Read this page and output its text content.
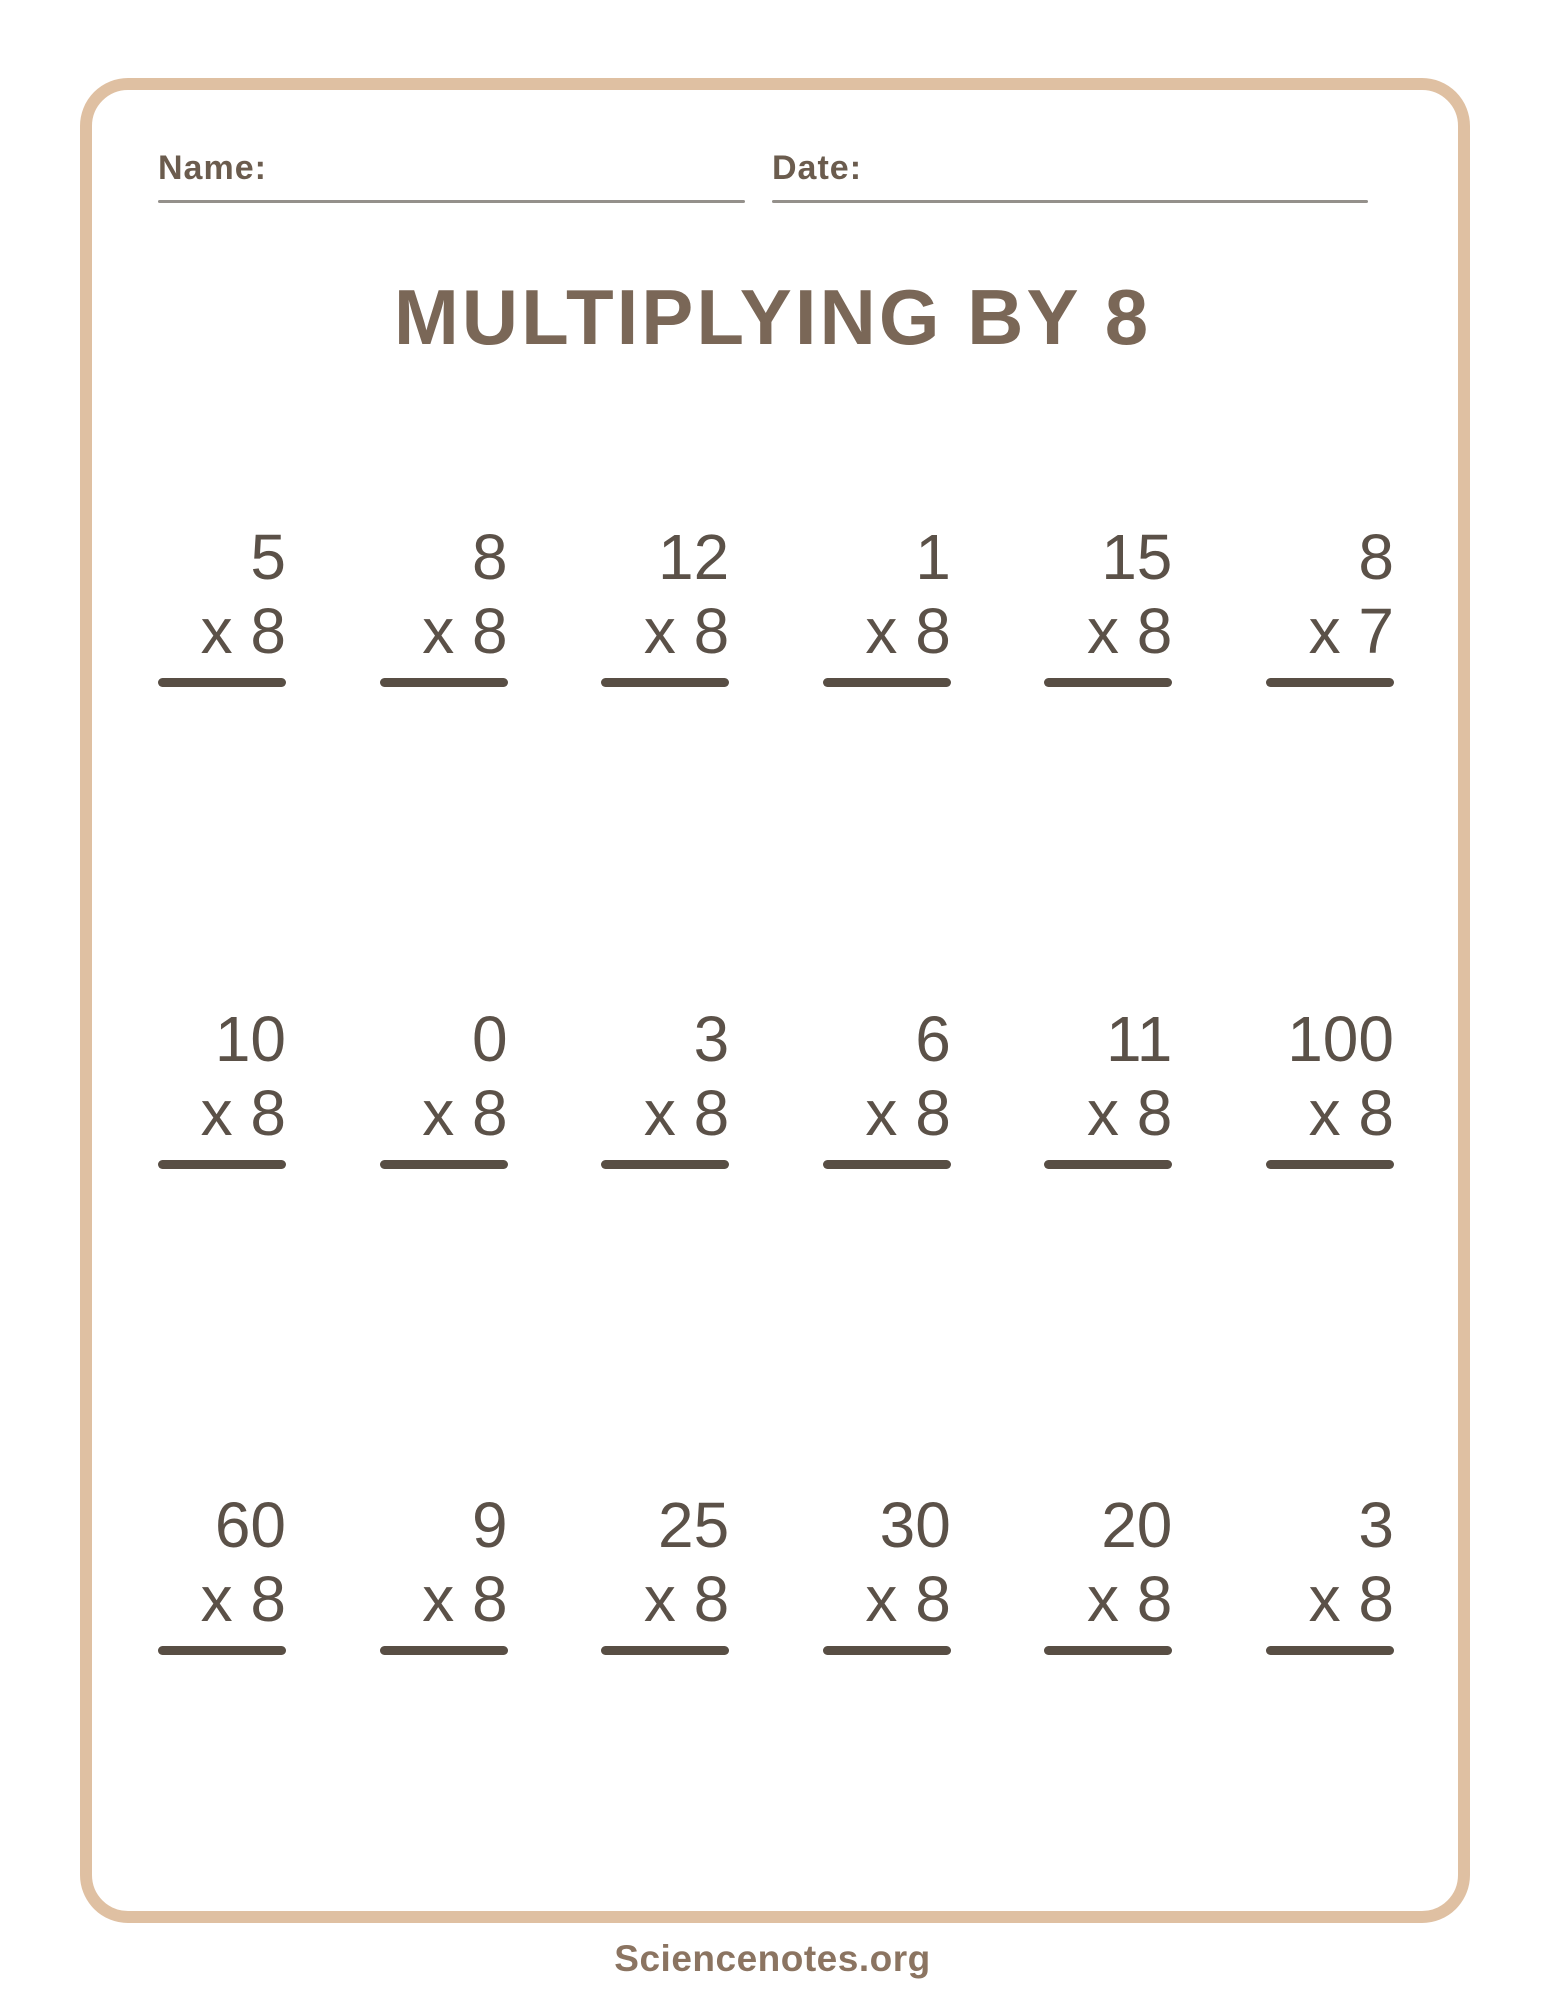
Name:	Date:
MULTIPLYING BY 8
5
x 8
8
x 8
12
x 8
1
x 8
15
x 8
8
x 7
10
x 8
0
x 8
3
x 8
6
x 8
11
x 8
100
x 8
60
x 8
9
x 8
25
x 8
30
x 8
20
x 8
3
x 8
Sciencenotes.org
